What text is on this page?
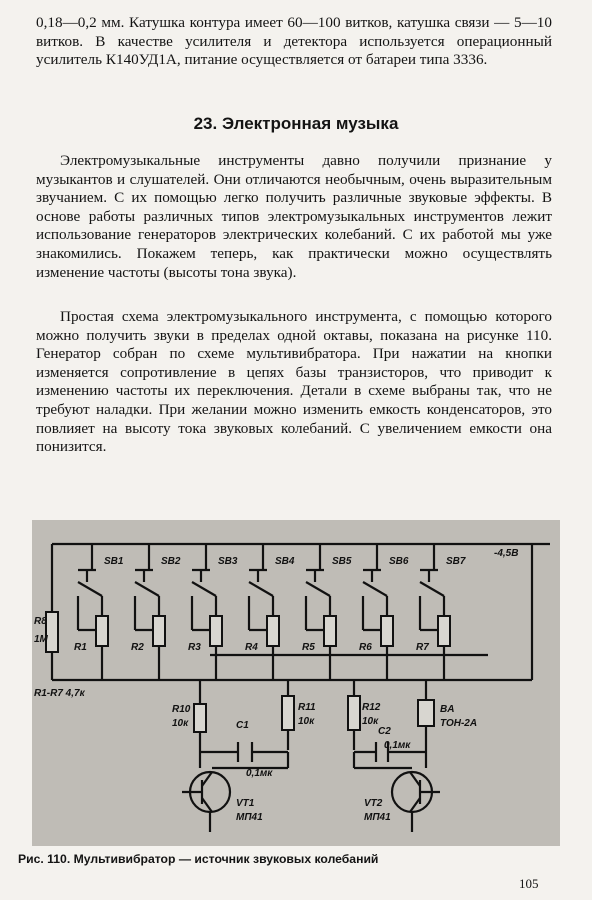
0,18—0,2 мм. Катушка контура имеет 60—100 витков, катушка связи — 5—10 витков. В качестве усилителя и детектора используется операционный усилитель К140УД1А, питание осуществляется от батареи типа 3336.

23. Электронная музыка

Электромузыкальные инструменты давно получили признание у музыкантов и слушателей. Они отличаются необычным, очень выразительным звучанием. С их помощью легко получить различные звуковые эффекты. В основе работы различных типов электромузыкальных инструментов лежит использование генераторов электрических колебаний. С их работой мы уже знакомились. Покажем теперь, как практически можно осуществлять изменение частоты (высоты тона звука).

Простая схема электромузыкального инструмента, с помощью которого можно получить звуки в пределах одной октавы, показана на рисунке 110. Генератор собран по схеме мультивибратора. При нажатии на кнопки изменяется сопротивление в цепях базы транзисторов, что приводит к изменению частоты их переключения. Детали в схеме выбраны так, что не требуют наладки. При желании можно изменить емкость конденсаторов, это повлияет на высоту тока звуковых колебаний. С увеличением емкости она понизится.

SB1
R1
SB2
R2
SB3
R3
SB4
R4
SB5
R5
SB6
R6
SB7
R7
R8
1М
R1-R7 4,7к
-4,5В
R10
10к	C1
0,1мк
R11
10к
R12
10к
C2
0,1мк
BA
ТОН-2А
VT1
МП41
VT2
МП41

Рис. 110. Мультивибратор — источник звуковых колебаний

105
